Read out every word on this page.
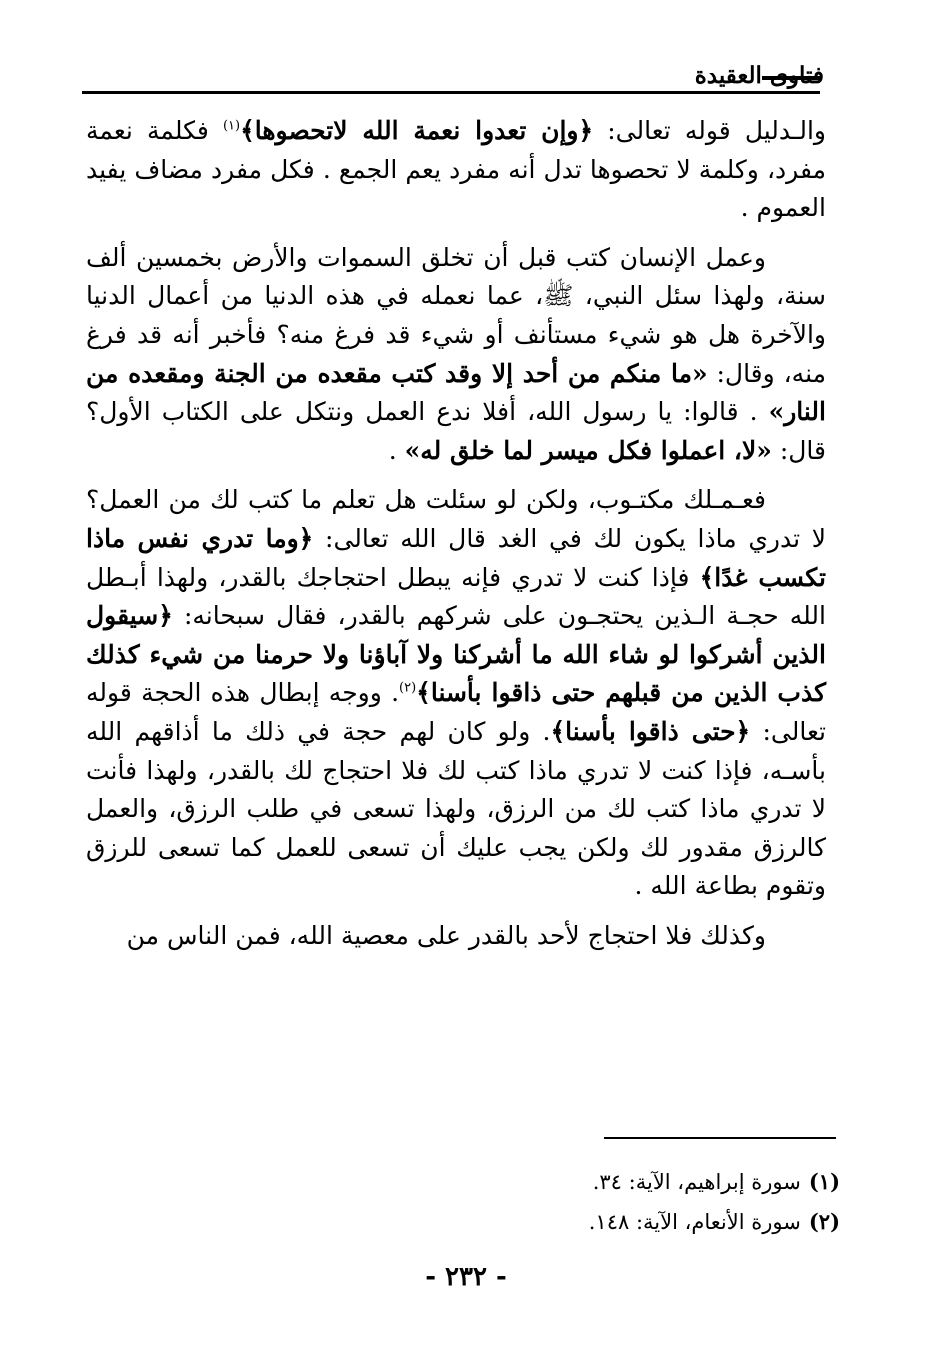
فتاوى العقيدة

والـدليل قوله تعالى: ﴿وإن تعدوا نعمة الله لاتحصوها﴾$^{(١)}$ فكلمة نعمة مفرد، وكلمة لا تحصوها تدل أنه مفرد يعم الجمع . فكل مفرد مضاف يفيد العموم .

وعمل الإنسان كتب قبل أن تخلق السموات والأرض بخمسين ألف سنة، ولهذا سئل النبي، ﷺ، عما نعمله في هذه الدنيا من أعمال الدنيا والآخرة هل هو شيء مستأنف أو شيء قد فرغ منه؟ فأخبر أنه قد فرغ منه، وقال: «ما منكم من أحد إلا وقد كتب مقعده من الجنة ومقعده من النار» . قالوا: يا رسول الله، أفلا ندع العمل ونتكل على الكتاب الأول؟ قال: «لا، اعملوا فكل ميسر لما خلق له» .

فعـمـلك مكتـوب، ولكن لو سئلت هل تعلم ما كتب لك من العمل؟ لا تدري ماذا يكون لك في الغد قال الله تعالى: ﴿وما تدري نفس ماذا تكسب غدًا﴾ فإذا كنت لا تدري فإنه يبطل احتجاجك بالقدر، ولهذا أبـطل الله حجـة الـذين يحتجـون على شركهم بالقدر، فقال سبحانه: ﴿سيقول الذين أشركوا لو شاء الله ما أشركنا ولا آباؤنا ولا حرمنا من شيء كذلك كذب الذين من قبلهم حتى ذاقوا بأسنا﴾$^{(٢)}$. ووجه إبطال هذه الحجة قوله تعالى: ﴿حتى ذاقوا بأسنا﴾. ولو كان لهم حجة في ذلك ما أذاقهم الله بأسـه، فإذا كنت لا تدري ماذا كتب لك فلا احتجاج لك بالقدر، ولهذا فأنت لا تدري ماذا كتب لك من الرزق، ولهذا تسعى في طلب الرزق، والعمل كالرزق مقدور لك ولكن يجب عليك أن تسعى للعمل كما تسعى للرزق وتقوم بطاعة الله .

وكذلك فلا احتجاج لأحد بالقدر على معصية الله، فمن الناس من

(١)سورة إبراهيم، الآية: ٣٤.
(٢)سورة الأنعام، الآية: ١٤٨.
- ٢٣٢ -
